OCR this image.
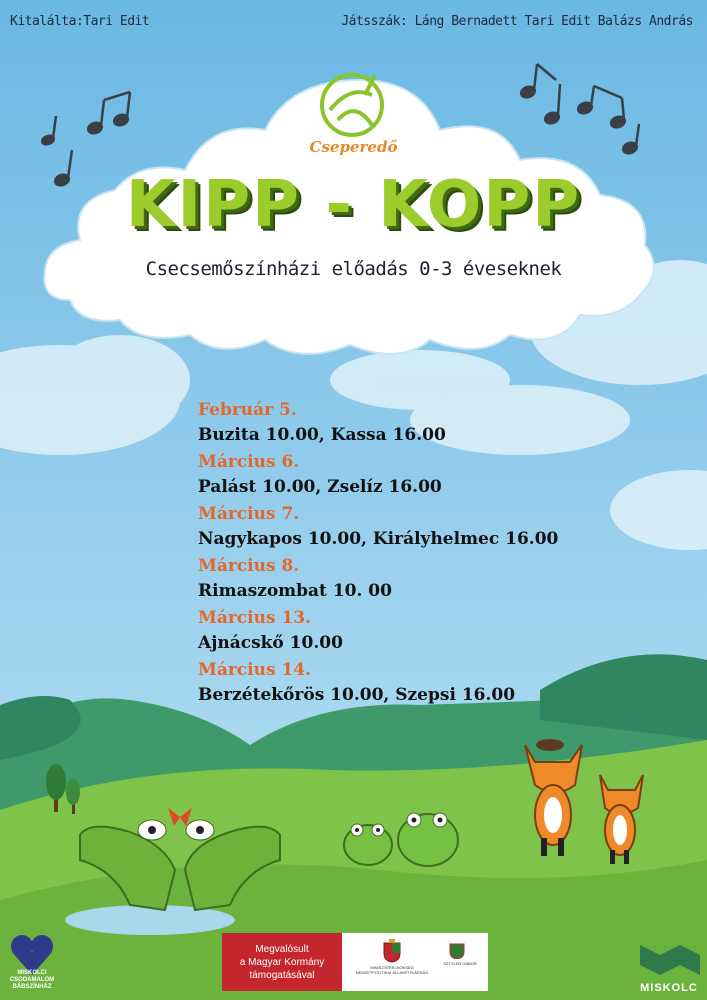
Kitalálta:Tari Edit	Játsszák: Láng Bernadett Tari Edit Balázs András
Cseperedő
KIPP - KOPP
Csecsemőszínházi előadás 0-3 éveseknek
Február 5.
Buzita 10.00, Kassa 16.00
Március 6.
Palást 10.00, Zselíz 16.00
Március 7.
Nagykapos 10.00, Királyhelmec 16.00
Március 8.
Rimaszombat 10. 00
Március 13.
Ajnácskő 10.00
Március 14.
Berzétekőrös 10.00, Szepsi 16.00
Megvalósult
a Magyar Kormány
támogatásával
MINISZTERELNÖKSÉG NEMZETPOLITIKAI ÁLLAMTITKÁRSÁG
SZTYLEN GÁBOR
MISKOLCI CSODAMALOM BÁBSZÍNHÁZ	MISKOLC
